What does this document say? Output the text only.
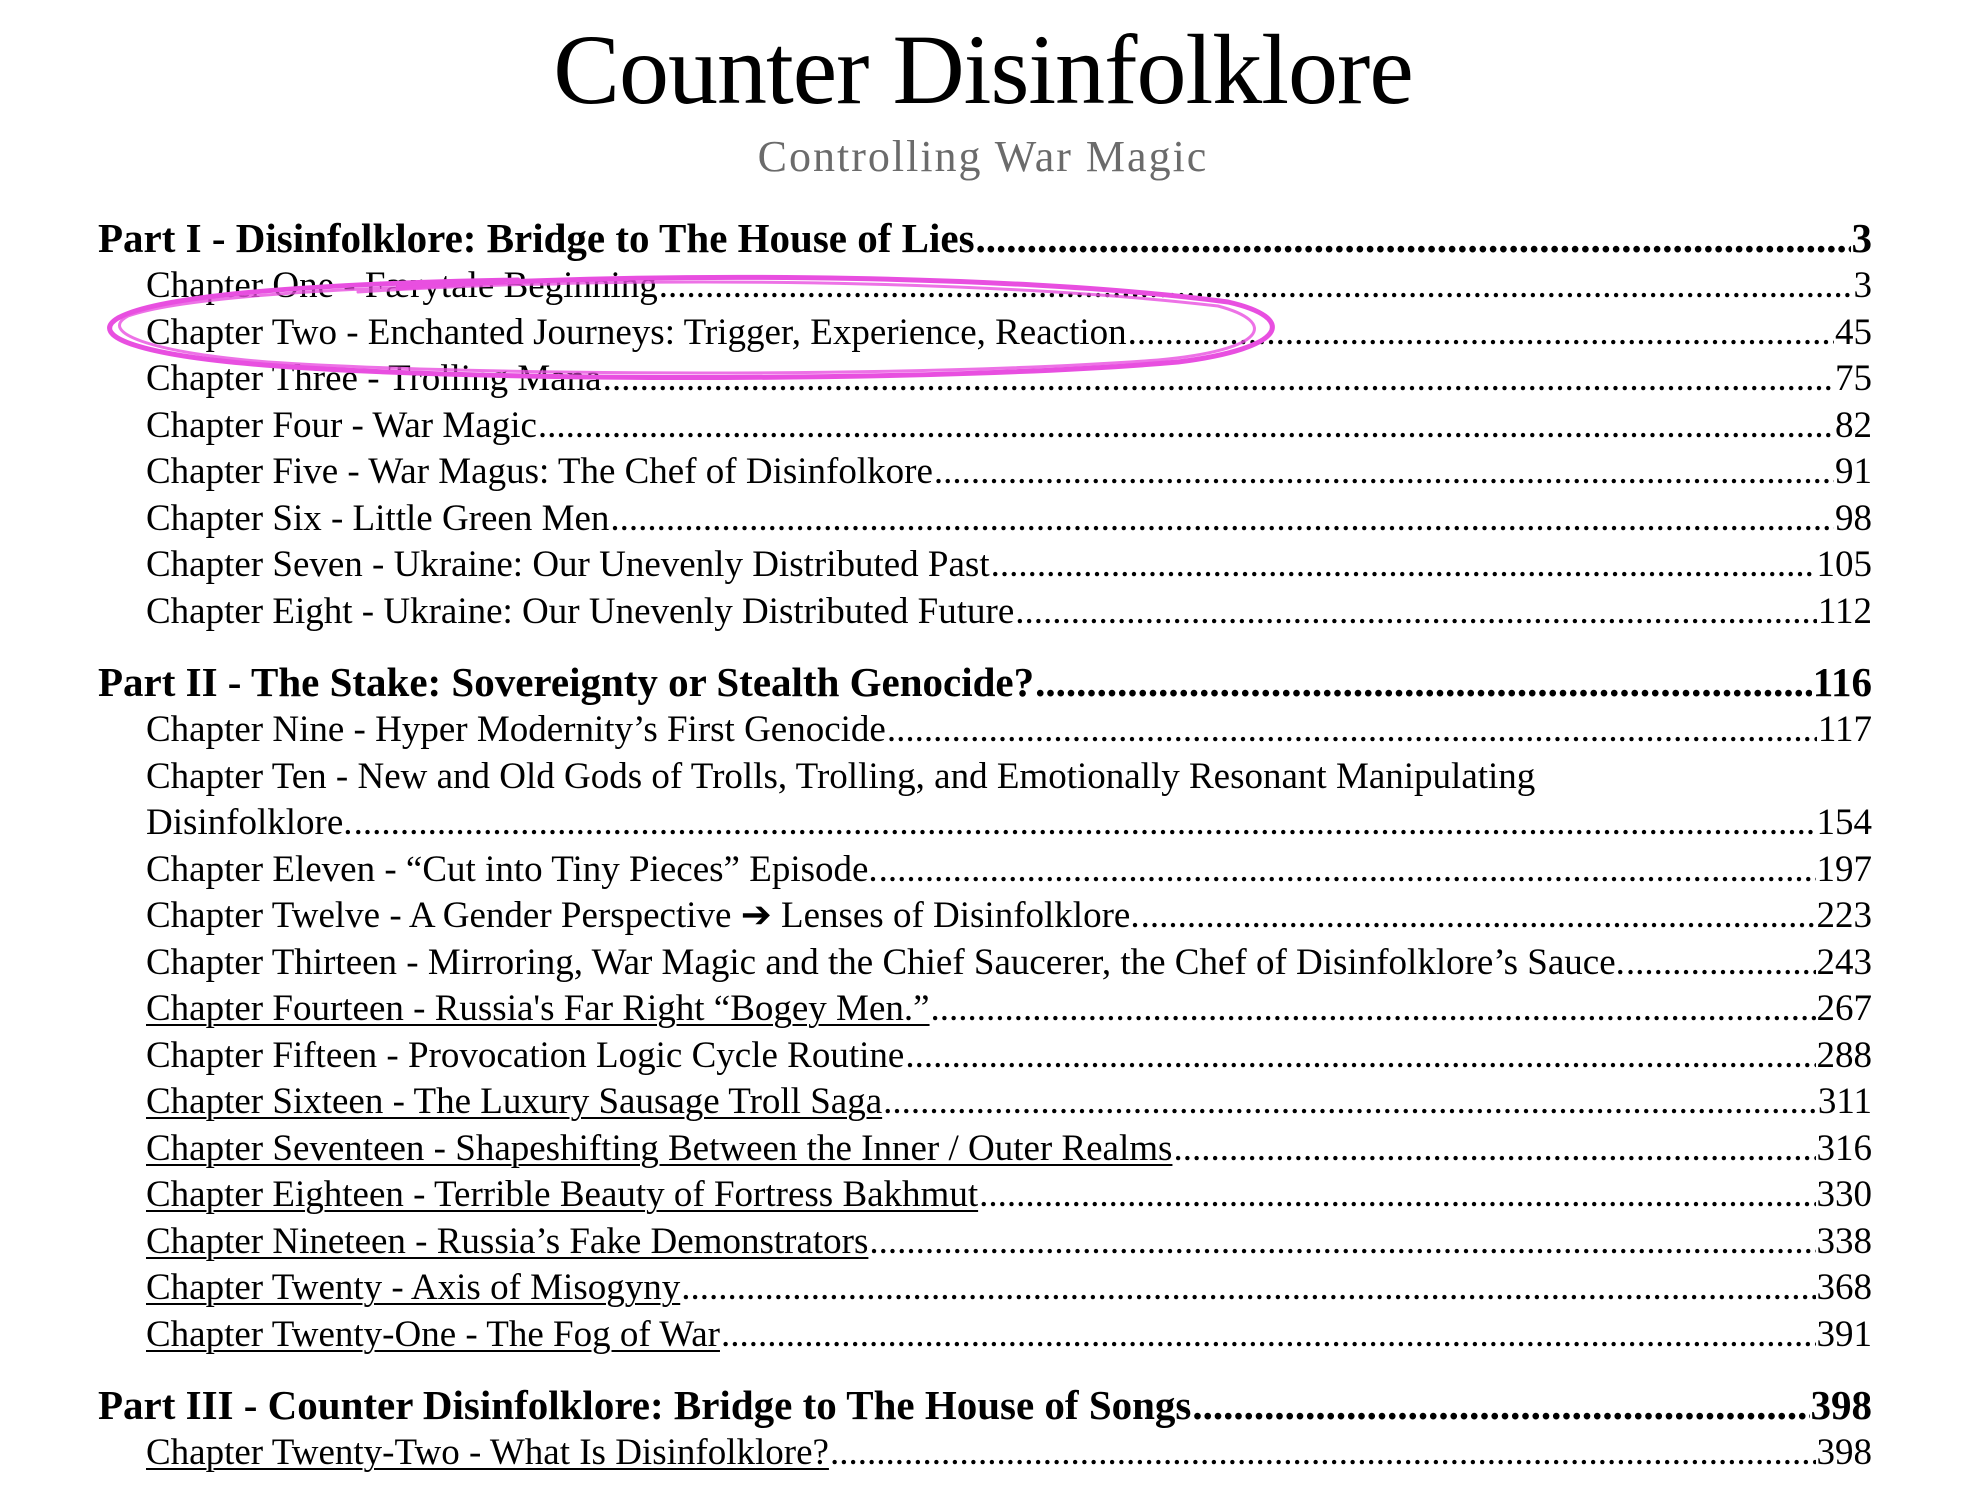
Counter Disinfolklore
Controlling War Magic
Part I - Disinfolklore: Bridge to The House of Lies .....	3
Chapter One - Færytale Beginning .....	3
Chapter Two - Enchanted Journeys: Trigger, Experience, Reaction .....	45
Chapter Three - Trolling Mana .....	75
Chapter Four - War Magic .....	82
Chapter Five - War Magus: The Chef of Disinfolkore .....	91
Chapter Six - Little Green Men .....	98
Chapter Seven - Ukraine: Our Unevenly Distributed Past .....	105
Chapter Eight - Ukraine: Our Unevenly Distributed Future .....	112
Part II - The Stake: Sovereignty or Stealth Genocide? .....	116
Chapter Nine - Hyper Modernity’s First Genocide .....	117
Chapter Ten - New and Old Gods of Trolls, Trolling, and Emotionally Resonant Manipulating
Disinfolklore. .....	154
Chapter Eleven - “Cut into Tiny Pieces” Episode. .....	197
Chapter Twelve - A Gender Perspective ➔ Lenses of Disinfolklore. .....	223
Chapter Thirteen - Mirroring, War Magic and the Chief Saucerer, the Chef of Disinfolklore’s Sauce. .....	243
Chapter Fourteen - Russia's Far Right “Bogey Men.” .....	267
Chapter Fifteen - Provocation Logic Cycle Routine .....	288
Chapter Sixteen - The Luxury Sausage Troll Saga .....	311
Chapter Seventeen - Shapeshifting Between the Inner / Outer Realms .....	316
Chapter Eighteen - Terrible Beauty of Fortress Bakhmut .....	330
Chapter Nineteen - Russia’s Fake Demonstrators .....	338
Chapter Twenty - Axis of Misogyny .....	368
Chapter Twenty-One - The Fog of War .....	391
Part III - Counter Disinfolklore: Bridge to The House of Songs .....	398
Chapter Twenty-Two - What Is Disinfolklore? .....	398
